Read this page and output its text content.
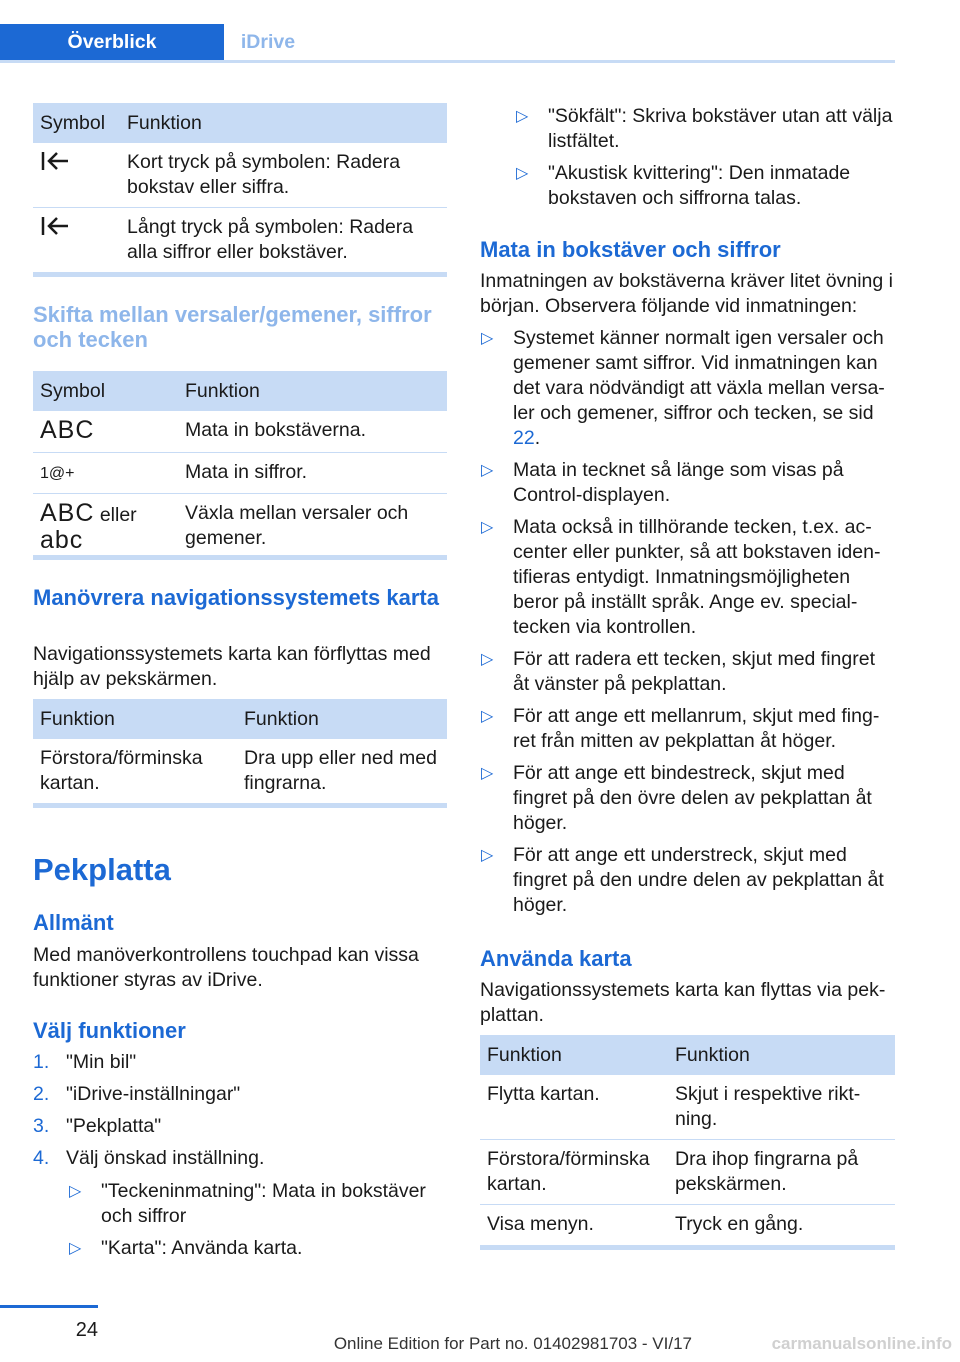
Överblick	iDrive
Symbol	Funktion
	Kort tryck på symbolen: Radera bokstav eller siffra.
	Långt tryck på symbolen: Radera alla siffror eller bokstäver.
Skifta mellan versaler/gemener, siffror och tecken
Symbol	Funktion
ABC	Mata in bokstäverna.
1@+	Mata in siffror.
ABC eller
abc	Växla mellan versaler och gemener.
Manövrera navigationssystemets karta
Navigationssystemets karta kan förflyttas med hjälp av pekskärmen.
Funktion	Funktion
Förstora/förminska kartan.	Dra upp eller ned med fingrarna.
Pekplatta
Allmänt
Med manöverkontrollens touchpad kan vissa funktioner styras av iDrive.
Välj funktioner
1. "Min bil"
2. "iDrive-inställningar"
3. "Pekplatta"
4. Välj önskad inställning.
▷ "Teckeninmatning": Mata in bokstäver och siffror
▷ "Karta": Använda karta.
▷ "Sökfält": Skriva bokstäver utan att välja listfältet.
▷ "Akustisk kvittering": Den inmatade bokstaven och siffrorna talas.
Mata in bokstäver och siffror
Inmatningen av bokstäverna kräver litet övning i början. Observera följande vid inmatningen:
▷ Systemet känner normalt igen versaler och gemener samt siffror. Vid inmatningen kan det vara nödvändigt att växla mellan versa-ler och gemener, siffror och tecken, se sid 22.
▷ Mata in tecknet så länge som visas på Control-displayen.
▷ Mata också in tillhörande tecken, t.ex. ac-center eller punkter, så att bokstaven iden-tifieras entydigt. Inmatningsmöjligheten beror på inställt språk. Ange ev. special-tecken via kontrollen.
▷ För att radera ett tecken, skjut med fingret åt vänster på pekplattan.
▷ För att ange ett mellanrum, skjut med fing-ret från mitten av pekplattan åt höger.
▷ För att ange ett bindestreck, skjut med fingret på den övre delen av pekplattan åt höger.
▷ För att ange ett understreck, skjut med fingret på den undre delen av pekplattan åt höger.
Använda karta
Navigationssystemets karta kan flyttas via pek-plattan.
Funktion	Funktion
Flytta kartan.	Skjut i respektive rikt-ning.
Förstora/förminska kartan.	Dra ihop fingrarna på pekskärmen.
Visa menyn.	Tryck en gång.
24
Online Edition for Part no. 01402981703 - VI/17	carmanualsonline.info
